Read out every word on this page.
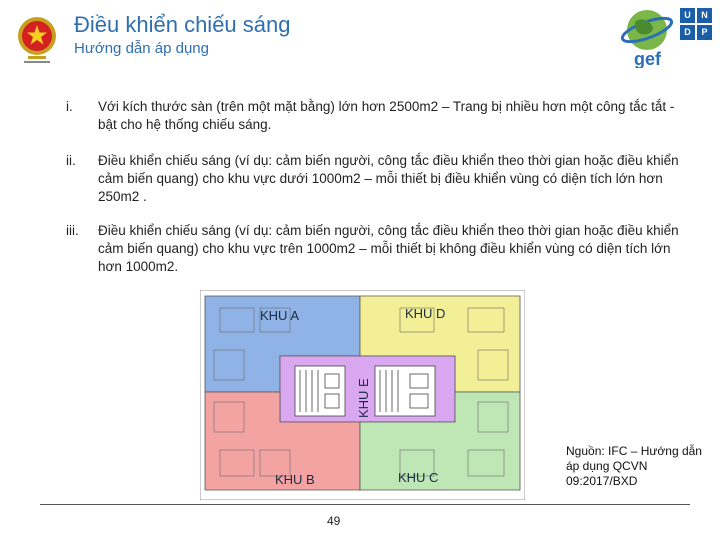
Điều khiển chiếu sáng
Hướng dẫn áp dụng
gef
U	N
D	P
i.	Với kích thước sàn (trên một mặt bằng) lớn hơn 2500m2 – Trang bị nhiều hơn một công tắc tắt - bật cho hệ thống chiếu sáng.
ii.	Điều khiển chiếu sáng (ví dụ: cảm biến người, công tắc điều khiển theo thời gian hoặc điều khiển cảm biến quang) cho khu vực dưới 1000m2 – mỗi thiết bị điều khiển vùng có diện tích lớn hơn 250m2 .
iii.	Điều khiển chiếu sáng (ví dụ: cảm biến người, công tắc điều khiển theo thời gian hoặc điều khiển cảm biến quang) cho khu vực trên 1000m2 – mỗi thiết bị không điều khiển vùng có diện tích lớn hơn 1000m2.
KHU A	KHU D
KHU E
KHU B	KHU C
Nguồn: IFC – Hướng dẫn áp dụng QCVN 09:2017/BXD
49
